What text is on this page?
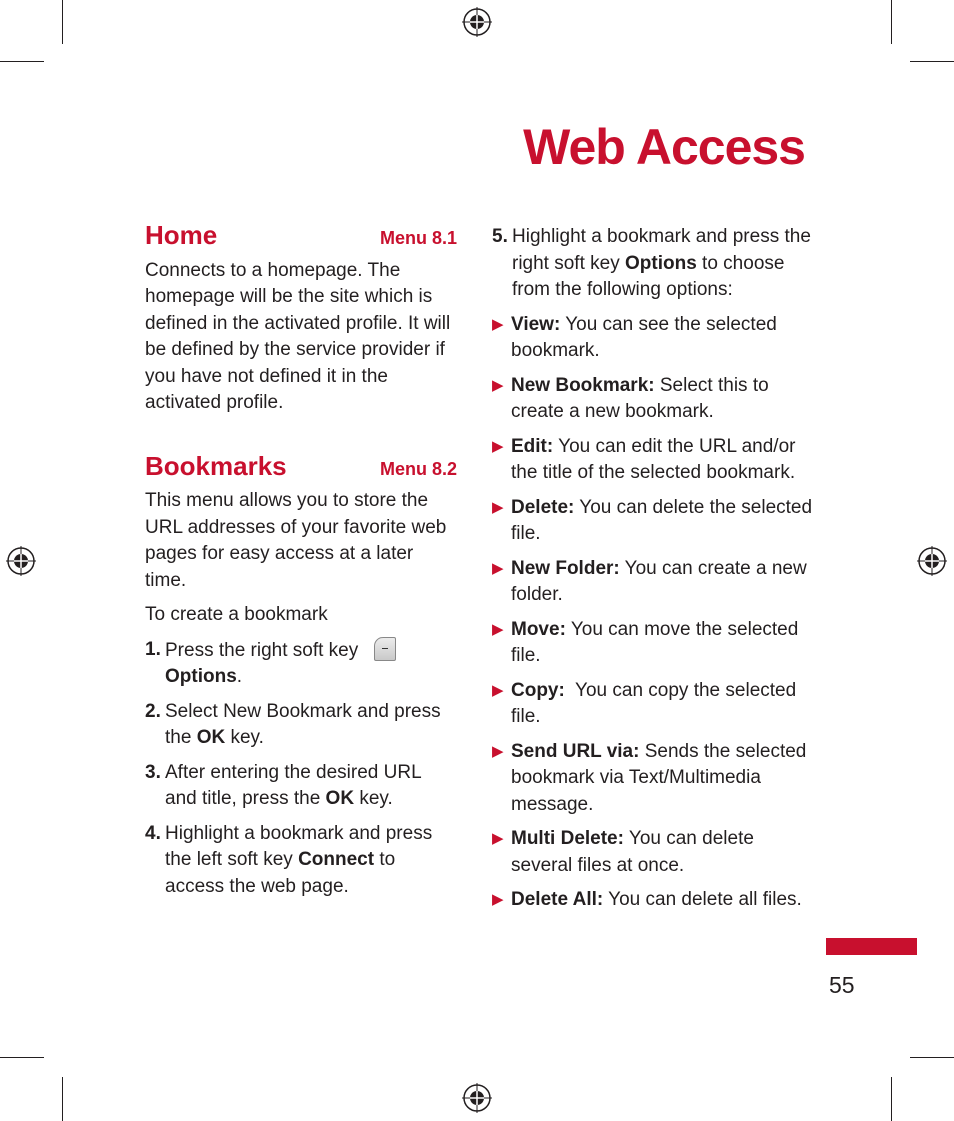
Web Access
Home	Menu 8.1

Connects to a homepage. The homepage will be the site which is defined in the activated profile. It will be defined by the service provider if you have not defined it in the activated profile.

Bookmarks	Menu 8.2

This menu allows you to store the URL addresses of your favorite web pages for easy access at a later time.

To create a bookmark

1. Press the right soft key
Options.
2. Select New Bookmark and press the OK key.
3. After entering the desired URL and title, press the OK key.
4. Highlight a bookmark and press the left soft key Connect to access the web page.
5. Highlight a bookmark and press the right soft key Options to choose from the following options:
▶ View: You can see the selected bookmark.
▶ New Bookmark: Select this to create a new bookmark.
▶ Edit: You can edit the URL and/or the title of the selected bookmark.
▶ Delete: You can delete the selected file.
▶ New Folder: You can create a new folder.
▶ Move: You can move the selected file.
▶ Copy:  You can copy the selected file.
▶ Send URL via: Sends the selected bookmark via Text/Multimedia message.
▶ Multi Delete: You can delete several files at once.
▶ Delete All: You can delete all files.
55
